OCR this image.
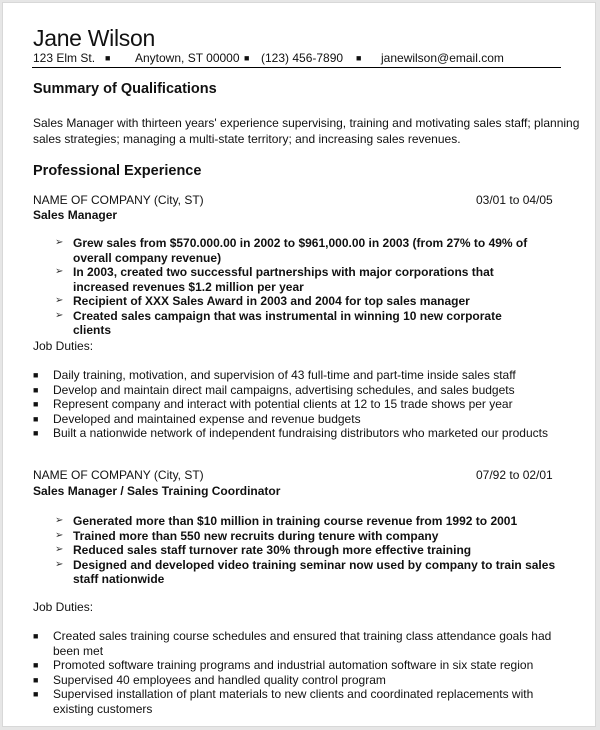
Jane Wilson
123 Elm St.	■	Anytown, ST 00000 ■ (123) 456-7890	■	janewilson@email.com
Summary of Qualifications
Sales Manager with thirteen years' experience supervising, training and motivating sales staff; planning
sales strategies; managing a multi-state territory; and increasing sales revenues.
Professional Experience
NAME OF COMPANY (City, ST)	03/01 to 04/05
Sales Manager
➢ Grew sales from $570.000.00 in 2002 to $961,000.00 in 2003 (from 27% to 49% of overall company revenue)
➢ In 2003, created two successful partnerships with major corporations that increased revenues $1.2 million per year
➢ Recipient of XXX Sales Award in 2003 and 2004 for top sales manager
➢ Created sales campaign that was instrumental in winning 10 new corporate clients
Job Duties:
■ Daily training, motivation, and supervision of 43 full-time and part-time inside sales staff
■ Develop and maintain direct mail campaigns, advertising schedules, and sales budgets
■ Represent company and interact with potential clients at 12 to 15 trade shows per year
■ Developed and maintained expense and revenue budgets
■ Built a nationwide network of independent fundraising distributors who marketed our products
NAME OF COMPANY (City, ST)	07/92 to 02/01
Sales Manager / Sales Training Coordinator
➢ Generated more than $10 million in training course revenue from 1992 to 2001
➢ Trained more than 550 new recruits during tenure with company
➢ Reduced sales staff turnover rate 30% through more effective training
➢ Designed and developed video training seminar now used by company to train sales staff nationwide
Job Duties:
■ Created sales training course schedules and ensured that training class attendance goals had been met
■ Promoted software training programs and industrial automation software in six state region
■ Supervised 40 employees and handled quality control program
■ Supervised installation of plant materials to new clients and coordinated replacements with existing customers
